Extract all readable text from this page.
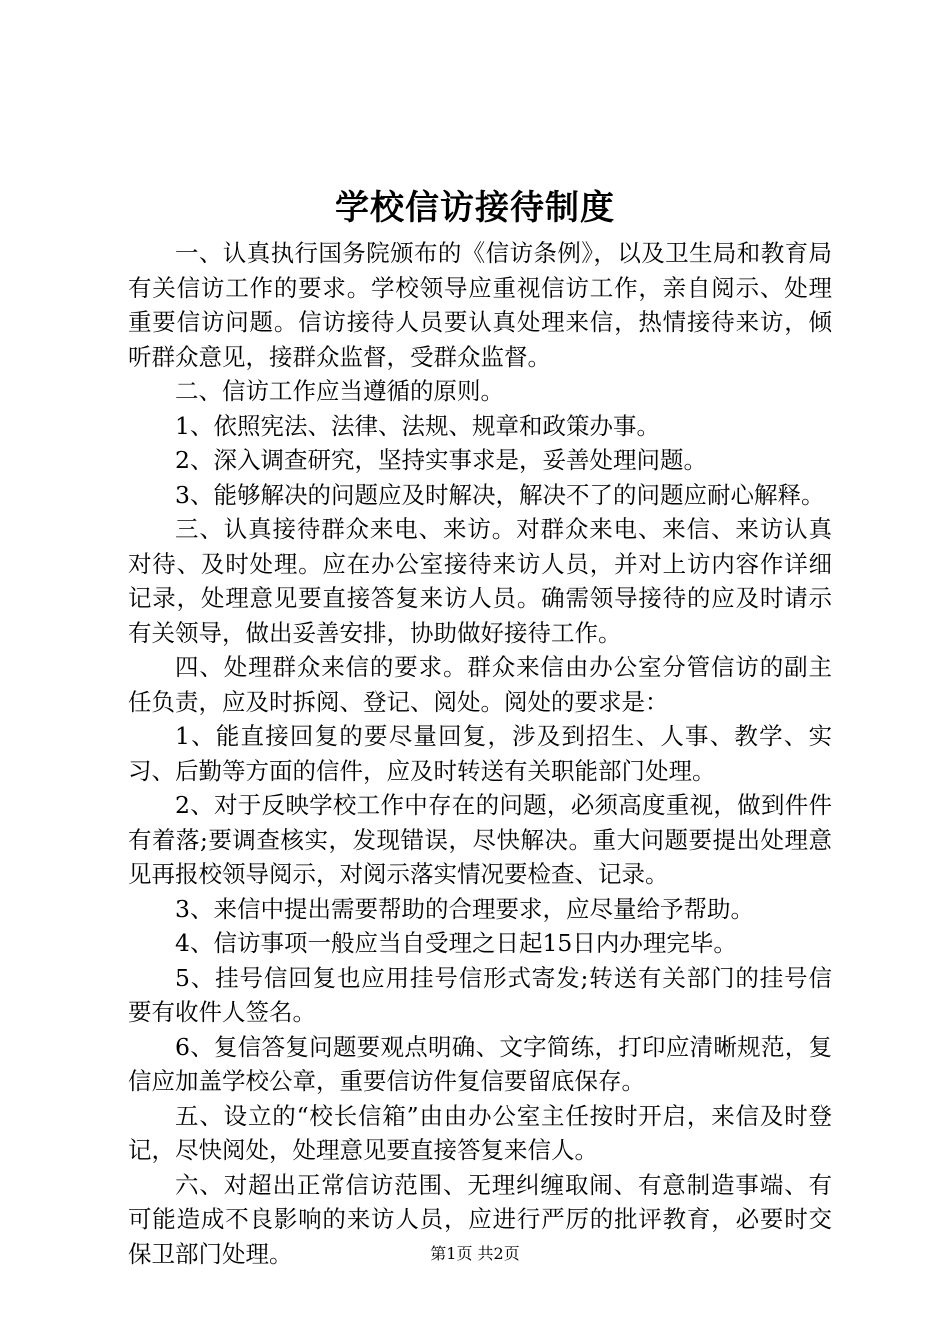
学校信访接待制度

一、认真执行国务院颁布的《信访条例》，以及卫生局和教育局有关信访工作的要求。学校领导应重视信访工作，亲自阅示、处理重要信访问题。信访接待人员要认真处理来信，热情接待来访，倾听群众意见，接群众监督，受群众监督。

二、信访工作应当遵循的原则。

1、依照宪法、法律、法规、规章和政策办事。

2、深入调查研究，坚持实事求是，妥善处理问题。

3、能够解决的问题应及时解决，解决不了的问题应耐心解释。

三、认真接待群众来电、来访。对群众来电、来信、来访认真对待、及时处理。应在办公室接待来访人员，并对上访内容作详细记录，处理意见要直接答复来访人员。确需领导接待的应及时请示有关领导，做出妥善安排，协助做好接待工作。

四、处理群众来信的要求。群众来信由办公室分管信访的副主任负责，应及时拆阅、登记、阅处。阅处的要求是：

1、能直接回复的要尽量回复，涉及到招生、人事、教学、实习、后勤等方面的信件，应及时转送有关职能部门处理。

2、对于反映学校工作中存在的问题，必须高度重视，做到件件有着落;要调查核实，发现错误，尽快解决。重大问题要提出处理意见再报校领导阅示，对阅示落实情况要检查、记录。

3、来信中提出需要帮助的合理要求，应尽量给予帮助。

4、信访事项一般应当自受理之日起15日内办理完毕。

5、挂号信回复也应用挂号信形式寄发;转送有关部门的挂号信要有收件人签名。

6、复信答复问题要观点明确、文字简练，打印应清晰规范，复信应加盖学校公章，重要信访件复信要留底保存。

五、设立的“校长信箱”由由办公室主任按时开启，来信及时登记，尽快阅处，处理意见要直接答复来信人。

六、对超出正常信访范围、无理纠缠取闹、有意制造事端、有可能造成不良影响的来访人员，应进行严厉的批评教育，必要时交保卫部门处理。	第1页 共2页
